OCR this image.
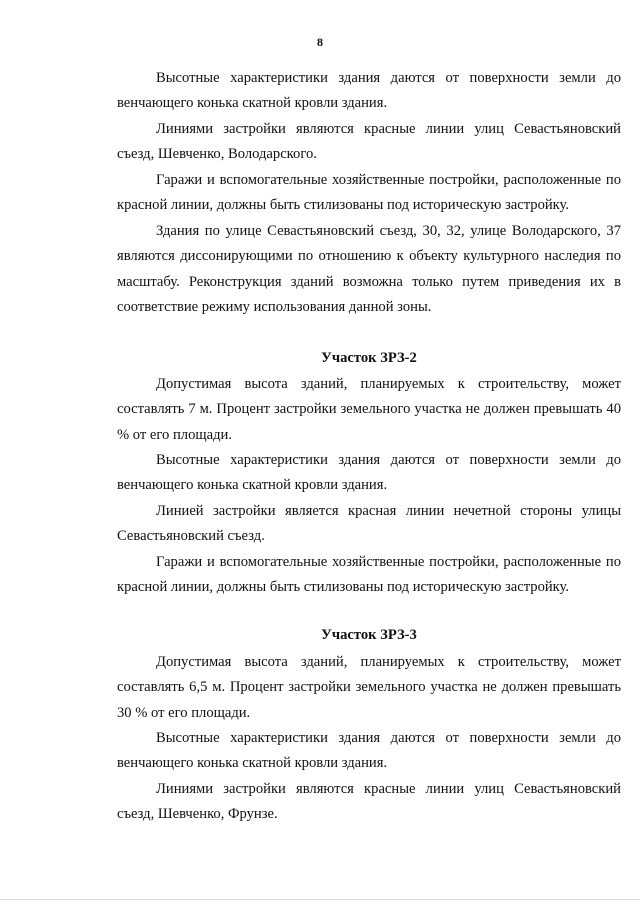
8

Высотные характеристики здания даются от поверхности земли до венчающего конька скатной кровли здания.

Линиями застройки являются красные линии улиц Севастьяновский съезд, Шевченко, Володарского.

Гаражи и вспомогательные хозяйственные постройки, расположенные по красной линии, должны быть стилизованы под историческую застройку.

Здания по улице Севастьяновский съезд, 30, 32, улице Володарского, 37 являются диссонирующими по отношению к объекту культурного наследия по масштабу. Реконструкция зданий возможна только путем приведения их в соответствие режиму использования данной зоны.

Участок ЗРЗ-2

Допустимая высота зданий, планируемых к строительству, может составлять 7 м. Процент застройки земельного участка не должен превышать 40 % от его площади.

Высотные характеристики здания даются от поверхности земли до венчающего конька скатной кровли здания.

Линией застройки является красная линии нечетной стороны улицы Севастьяновский съезд.

Гаражи и вспомогательные хозяйственные постройки, расположенные по красной линии, должны быть стилизованы под историческую застройку.

Участок ЗРЗ-3

Допустимая высота зданий, планируемых к строительству, может составлять 6,5 м. Процент застройки земельного участка не должен превышать 30 % от его площади.

Высотные характеристики здания даются от поверхности земли до венчающего конька скатной кровли здания.

Линиями застройки являются красные линии улиц Севастьяновский съезд, Шевченко, Фрунзе.
